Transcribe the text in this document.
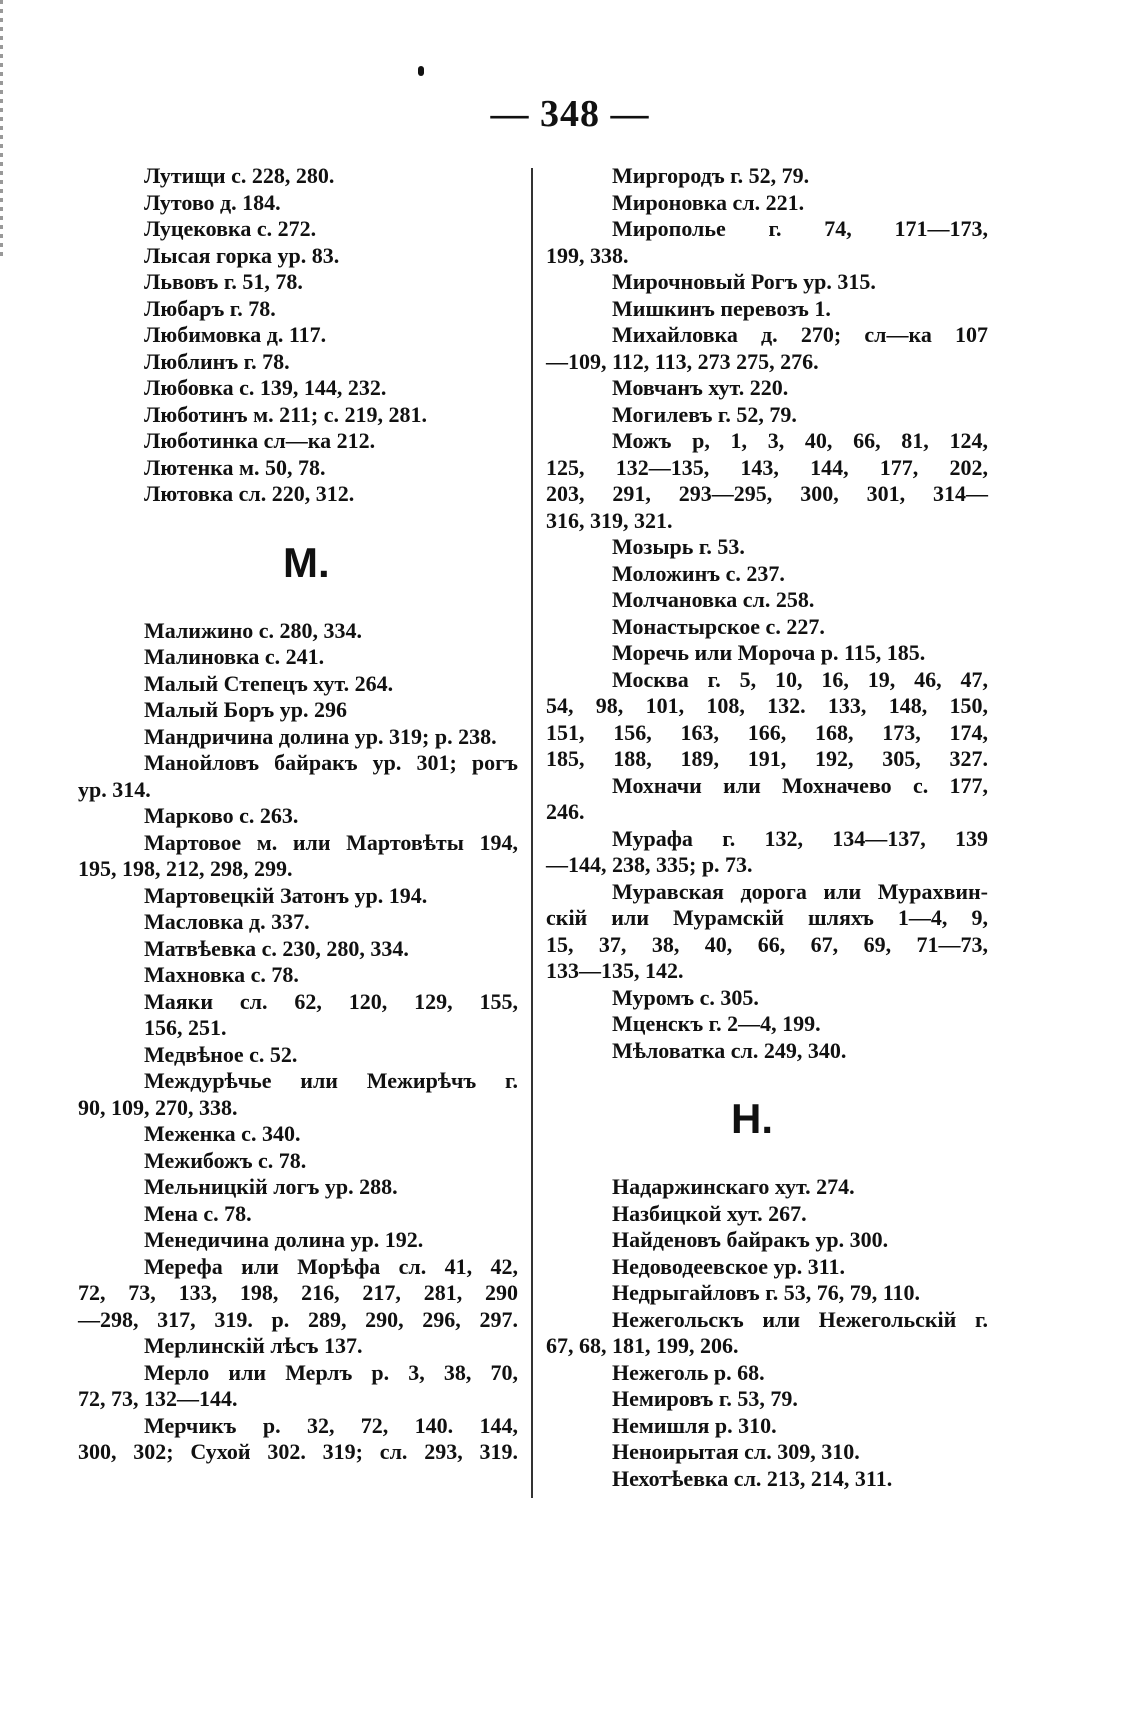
— 348 —
Лутищи с. 228, 280.
Лутово д. 184.
Луцековка с. 272.
Лысая горка ур. 83.
Львовъ г. 51, 78.
Любаръ г. 78.
Любимовка д. 117.
Люблинъ г. 78.
Любовка с. 139, 144, 232.
Люботинъ м. 211; с. 219, 281.
Люботинка сл—ка 212.
Лютенка м. 50, 78.
Лютовка сл. 220, 312.
М.
Малижино с. 280, 334.
Малиновка с. 241.
Малый Степецъ хут. 264.
Малый Боръ ур. 296
Мандричина долина ур. 319; р. 238.
Манойловъ байракъ ур. 301; рогъ
ур. 314.
Марково с. 263.
Мартовое м. или Мартовѣты 194,
195, 198, 212, 298, 299.
Мартовецкій Затонъ ур. 194.
Масловка д. 337.
Матвѣевка с. 230, 280, 334.
Махновка с. 78.
Маяки сл. 62, 120, 129, 155,
156, 251.
Медвѣное с. 52.
Междурѣчье или Межирѣчъ г.
90, 109, 270, 338.
Меженка с. 340.
Межибожъ с. 78.
Мельницкій логъ ур. 288.
Мена с. 78.
Менедичина долина ур. 192.
Мерефа или Морѣфа сл. 41, 42,
72, 73, 133, 198, 216, 217, 281, 290
—298, 317, 319. р. 289, 290, 296, 297.
Мерлинскій лѣсъ 137.
Мерло или Мерлъ р. 3, 38, 70,
72, 73, 132—144.
Мерчикъ р. 32, 72, 140. 144,
300, 302; Сухой 302. 319; сл. 293, 319.
Миргородъ г. 52, 79.
Мироновка сл. 221.
Миропольe г. 74, 171—173,
199, 338.
Мирочновый Рогъ ур. 315.
Мишкинъ перевозъ 1.
Михайловка д. 270; сл—ка 107
—109, 112, 113, 273 275, 276.
Мовчанъ хут. 220.
Могилевъ г. 52, 79.
Можъ р, 1, 3, 40, 66, 81, 124,
125, 132—135, 143, 144, 177, 202,
203, 291, 293—295, 300, 301, 314—
316, 319, 321.
Мозырь г. 53.
Моложинъ с. 237.
Молчановка сл. 258.
Монастырское с. 227.
Моречь или Мороча р. 115, 185.
Москва г. 5, 10, 16, 19, 46, 47,
54, 98, 101, 108, 132. 133, 148, 150,
151, 156, 163, 166, 168, 173, 174,
185, 188, 189, 191, 192, 305, 327.
Мохначи или Мохначево с. 177,
246.
Мурафа г. 132, 134—137, 139
—144, 238, 335; р. 73.
Муравская дорога или Мурахвин-
скій или Мурамскій шляхъ 1—4, 9,
15, 37, 38, 40, 66, 67, 69, 71—73,
133—135, 142.
Муромъ с. 305.
Мценскъ г. 2—4, 199.
Мѣловатка сл. 249, 340.
Н.
Надаржинскаго хут. 274.
Назбицкой хут. 267.
Найденовъ байракъ ур. 300.
Недоводеевское ур. 311.
Недрыгайловъ г. 53, 76, 79, 110.
Нежегольскъ или Нежегольскій г.
67, 68, 181, 199, 206.
Нежеголь р. 68.
Немировъ г. 53, 79.
Немишля р. 310.
Неноирытая сл. 309, 310.
Нехотѣевка сл. 213, 214, 311.
